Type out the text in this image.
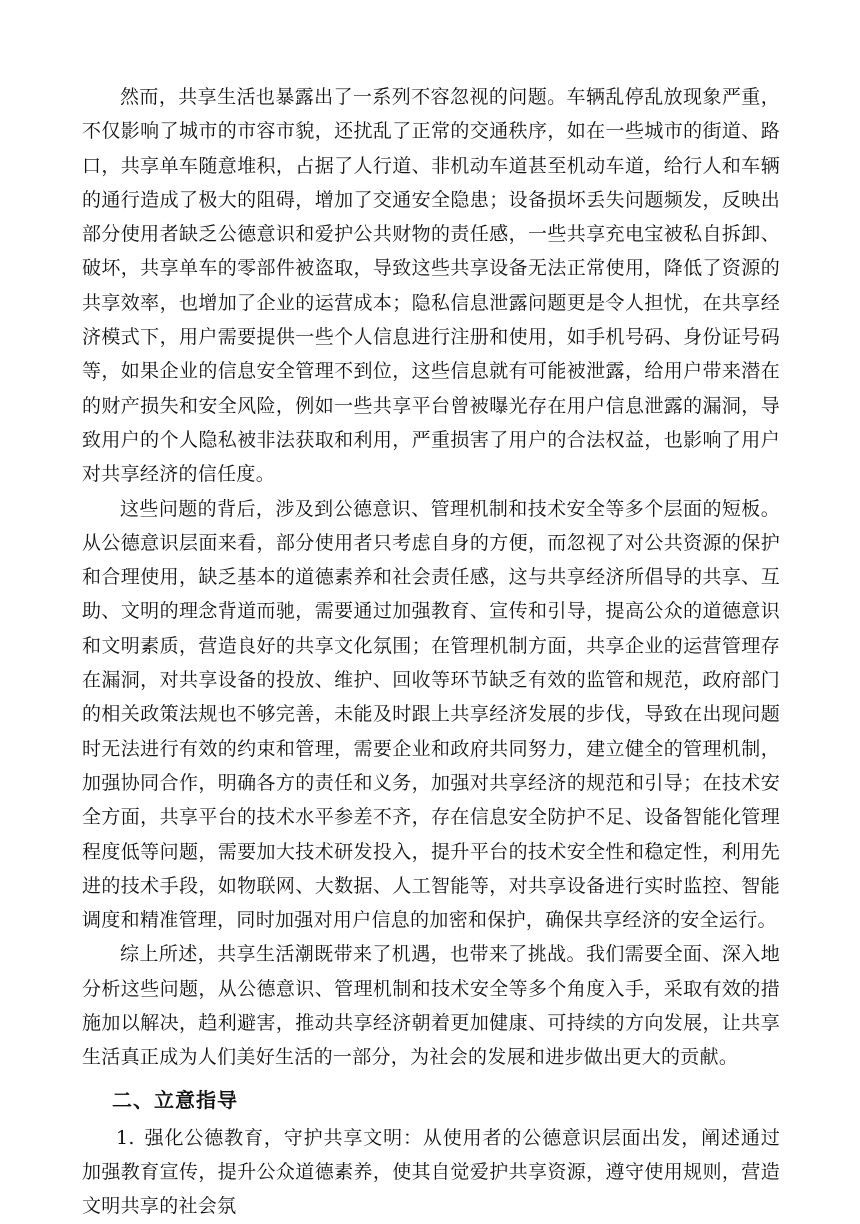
然而，共享生活也暴露出了一系列不容忽视的问题。车辆乱停乱放现象严重，不仅影响了城市的市容市貌，还扰乱了正常的交通秩序，如在一些城市的街道、路口，共享单车随意堆积，占据了人行道、非机动车道甚至机动车道，给行人和车辆的通行造成了极大的阻碍，增加了交通安全隐患；设备损坏丢失问题频发，反映出部分使用者缺乏公德意识和爱护公共财物的责任感，一些共享充电宝被私自拆卸、破坏，共享单车的零部件被盗取，导致这些共享设备无法正常使用，降低了资源的共享效率，也增加了企业的运营成本；隐私信息泄露问题更是令人担忧，在共享经济模式下，用户需要提供一些个人信息进行注册和使用，如手机号码、身份证号码等，如果企业的信息安全管理不到位，这些信息就有可能被泄露，给用户带来潜在的财产损失和安全风险，例如一些共享平台曾被曝光存在用户信息泄露的漏洞，导致用户的个人隐私被非法获取和利用，严重损害了用户的合法权益，也影响了用户对共享经济的信任度。

这些问题的背后，涉及到公德意识、管理机制和技术安全等多个层面的短板。从公德意识层面来看，部分使用者只考虑自身的方便，而忽视了对公共资源的保护和合理使用，缺乏基本的道德素养和社会责任感，这与共享经济所倡导的共享、互助、文明的理念背道而驰，需要通过加强教育、宣传和引导，提高公众的道德意识和文明素质，营造良好的共享文化氛围；在管理机制方面，共享企业的运营管理存在漏洞，对共享设备的投放、维护、回收等环节缺乏有效的监管和规范，政府部门的相关政策法规也不够完善，未能及时跟上共享经济发展的步伐，导致在出现问题时无法进行有效的约束和管理，需要企业和政府共同努力，建立健全的管理机制，加强协同合作，明确各方的责任和义务，加强对共享经济的规范和引导；在技术安全方面，共享平台的技术水平参差不齐，存在信息安全防护不足、设备智能化管理程度低等问题，需要加大技术研发投入，提升平台的技术安全性和稳定性，利用先进的技术手段，如物联网、大数据、人工智能等，对共享设备进行实时监控、智能调度和精准管理，同时加强对用户信息的加密和保护，确保共享经济的安全运行。

综上所述，共享生活潮既带来了机遇，也带来了挑战。我们需要全面、深入地分析这些问题，从公德意识、管理机制和技术安全等多个角度入手，采取有效的措施加以解决，趋利避害，推动共享经济朝着更加健康、可持续的方向发展，让共享生活真正成为人们美好生活的一部分，为社会的发展和进步做出更大的贡献。

二、立意指导

1. 强化公德教育，守护共享文明：从使用者的公德意识层面出发，阐述通过加强教育宣传，提升公众道德素养，使其自觉爱护共享资源，遵守使用规则，营造文明共享的社会氛
